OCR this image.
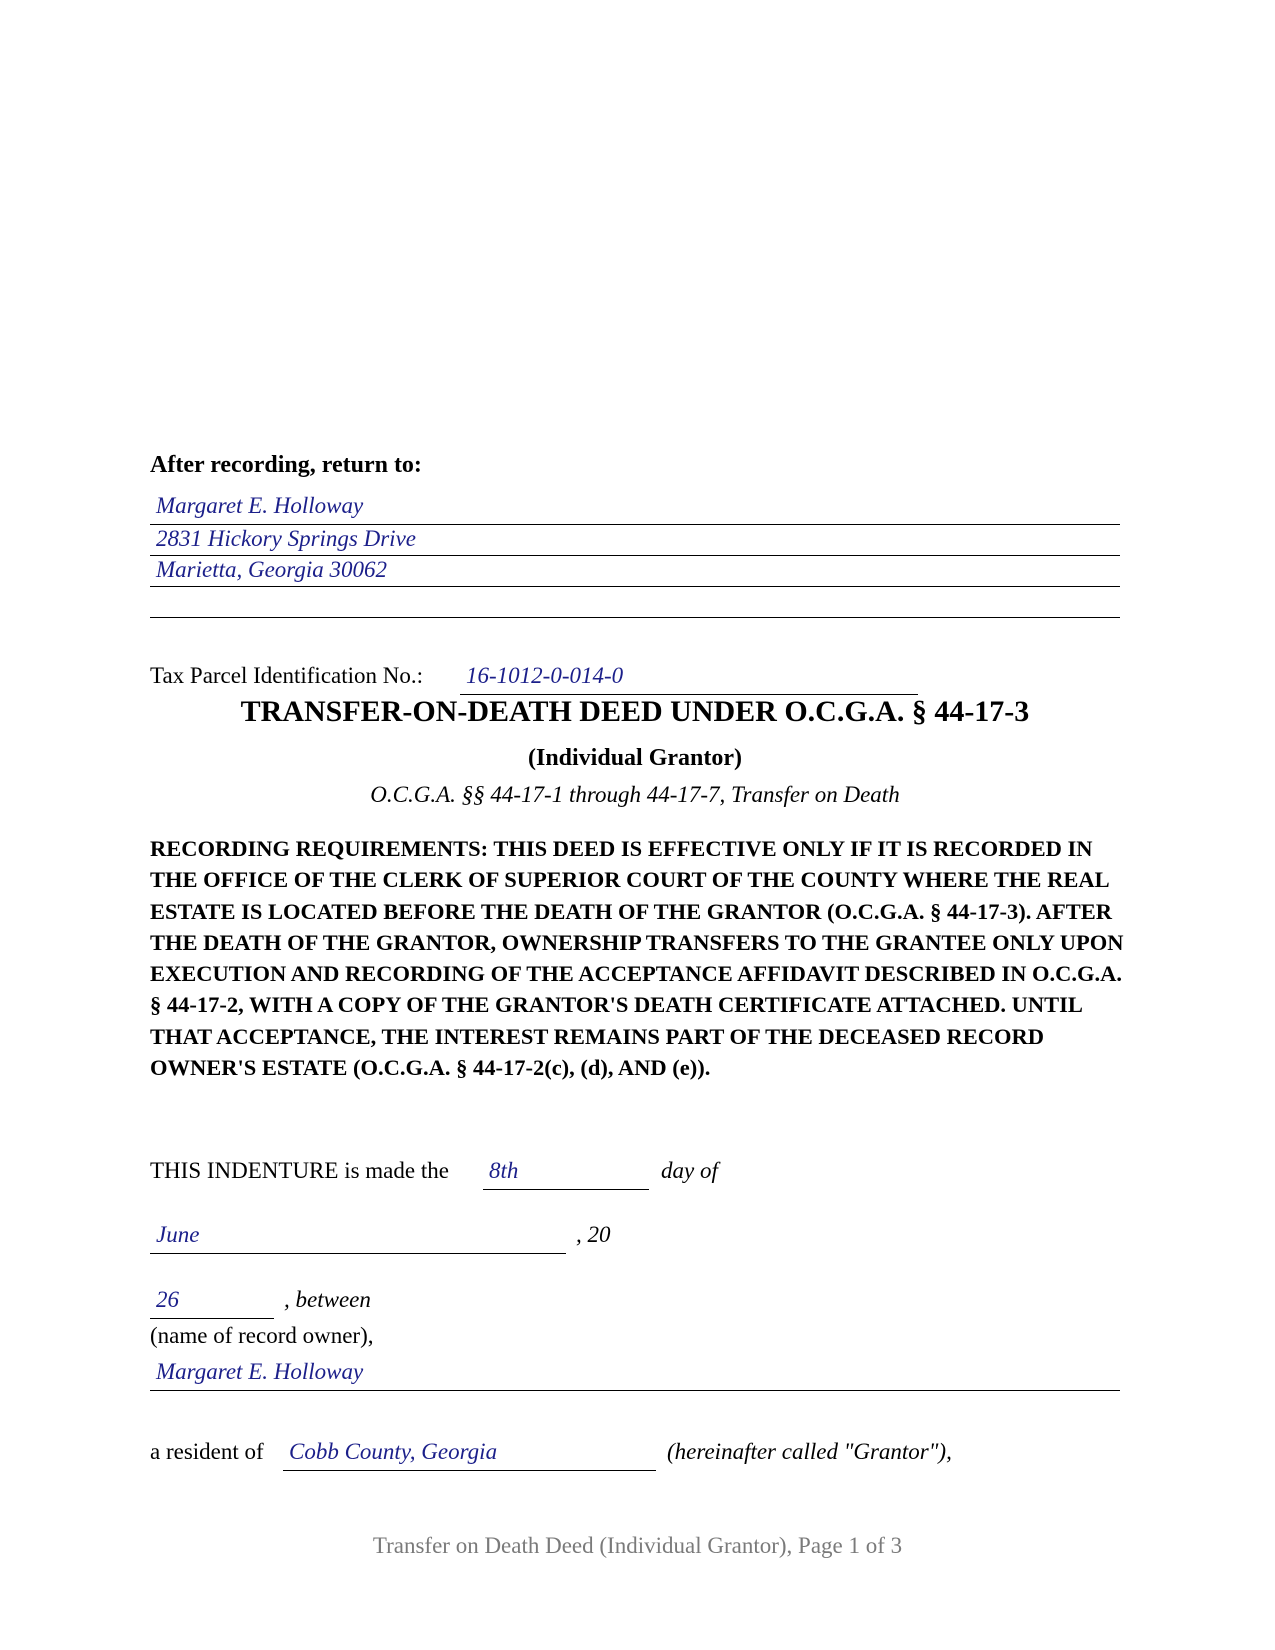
After recording, return to:
Margaret E. Holloway
2831 Hickory Springs Drive
Marietta, Georgia 30062
Tax Parcel Identification No.: 16-1012-0-014-0
TRANSFER-ON-DEATH DEED UNDER O.C.G.A. § 44-17-3
(Individual Grantor)
O.C.G.A. §§ 44-17-1 through 44-17-7, Transfer on Death
RECORDING REQUIREMENTS: THIS DEED IS EFFECTIVE ONLY IF IT IS RECORDED IN THE OFFICE OF THE CLERK OF SUPERIOR COURT OF THE COUNTY WHERE THE REAL ESTATE IS LOCATED BEFORE THE DEATH OF THE GRANTOR (O.C.G.A. § 44-17-3). AFTER THE DEATH OF THE GRANTOR, OWNERSHIP TRANSFERS TO THE GRANTEE ONLY UPON EXECUTION AND RECORDING OF THE ACCEPTANCE AFFIDAVIT DESCRIBED IN O.C.G.A. § 44-17-2, WITH A COPY OF THE GRANTOR'S DEATH CERTIFICATE ATTACHED. UNTIL THAT ACCEPTANCE, THE INTEREST REMAINS PART OF THE DECEASED RECORD OWNER'S ESTATE (O.C.G.A. § 44-17-2(c), (d), AND (e)).
THIS INDENTURE is made the 8th	day of
June	, 20
26	, between
(name of record owner),
Margaret E. Holloway
a resident of Cobb County, Georgia	(hereinafter called "Grantor"),
Transfer on Death Deed (Individual Grantor), Page 1 of 3
